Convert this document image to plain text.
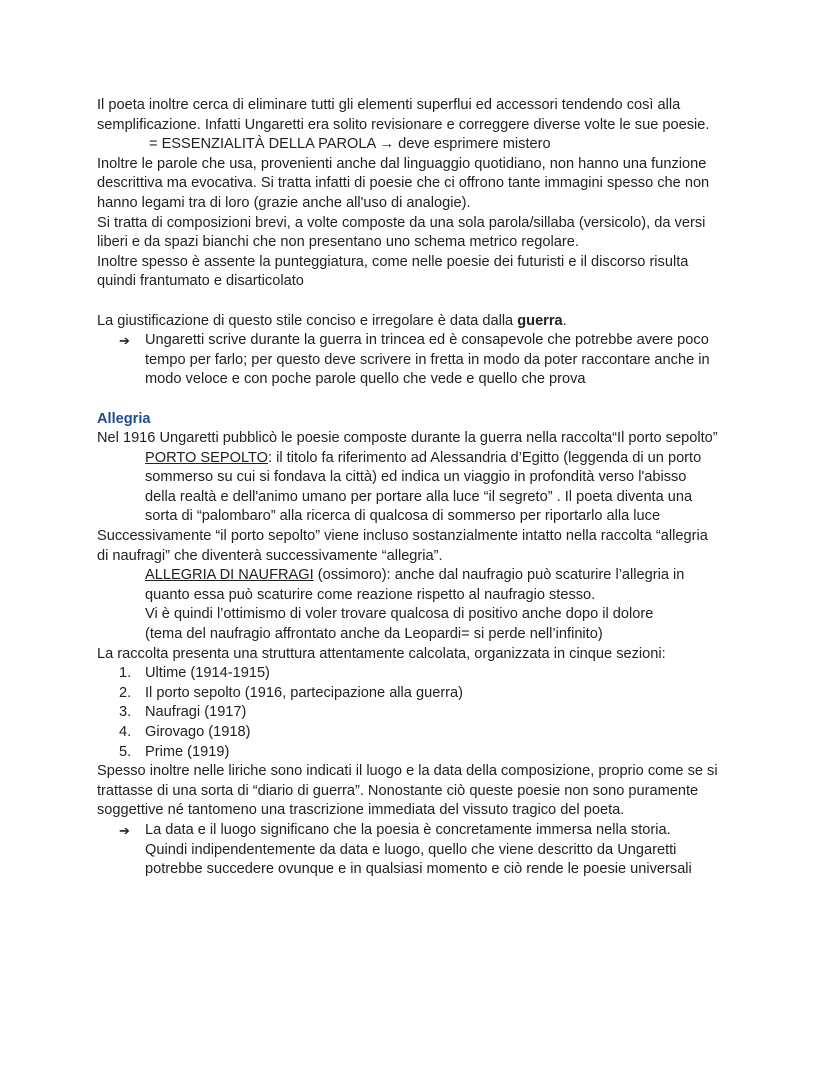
Il poeta inoltre cerca di eliminare tutti gli elementi superflui ed accessori tendendo così alla
semplificazione. Infatti Ungaretti era solito revisionare e correggere diverse volte le sue poesie.
= ESSENZIALITÀ DELLA PAROLA → deve esprimere mistero
Inoltre le parole che usa, provenienti anche dal linguaggio quotidiano, non hanno una funzione
descrittiva ma evocativa. Si tratta infatti di poesie che ci offrono tante immagini spesso che non
hanno legami tra di loro (grazie anche all'uso di analogie).
Si tratta di composizioni brevi, a volte composte da una sola parola/sillaba (versicolo), da versi
liberi e da spazi bianchi che non presentano uno schema metrico regolare.
Inoltre spesso è assente la punteggiatura, come nelle poesie dei futuristi e il discorso risulta
quindi frantumato e disarticolato
La giustificazione di questo stile conciso e irregolare è data dalla guerra.
➔ Ungaretti scrive durante la guerra in trincea ed è consapevole che potrebbe avere poco
tempo per farlo; per questo deve scrivere in fretta in modo da poter raccontare anche in
modo veloce e con poche parole quello che vede e quello che prova
Allegria
Nel 1916 Ungaretti pubblicò le poesie composte durante la guerra nella raccolta“Il porto sepolto”
PORTO SEPOLTO: il titolo fa riferimento ad Alessandria d’Egitto (leggenda di un porto
sommerso su cui si fondava la città) ed indica un viaggio in profondità verso l'abisso
della realtà e dell'animo umano per portare alla luce “il segreto” . Il poeta diventa una
sorta di “palombaro” alla ricerca di qualcosa di sommerso per riportarlo alla luce
Successivamente “il porto sepolto” viene incluso sostanzialmente intatto nella raccolta “allegria
di naufragi” che diventerà successivamente “allegria”.
ALLEGRIA DI NAUFRAGI (ossimoro): anche dal naufragio può scaturire l’allegria in
quanto essa può scaturire come reazione rispetto al naufragio stesso.
Vi è quindi l’ottimismo di voler trovare qualcosa di positivo anche dopo il dolore
(tema del naufragio affrontato anche da Leopardi= si perde nell’infinito)
La raccolta presenta una struttura attentamente calcolata, organizzata in cinque sezioni:
1. Ultime (1914-1915)
2. Il porto sepolto (1916, partecipazione alla guerra)
3. Naufragi (1917)
4. Girovago (1918)
5. Prime (1919)
Spesso inoltre nelle liriche sono indicati il luogo e la data della composizione, proprio come se si
trattasse di una sorta di “diario di guerra”. Nonostante ciò queste poesie non sono puramente
soggettive né tantomeno una trascrizione immediata del vissuto tragico del poeta.
➔ La data e il luogo significano che la poesia è concretamente immersa nella storia.
Quindi indipendentemente da data e luogo, quello che viene descritto da Ungaretti
potrebbe succedere ovunque e in qualsiasi momento e ciò rende le poesie universali
